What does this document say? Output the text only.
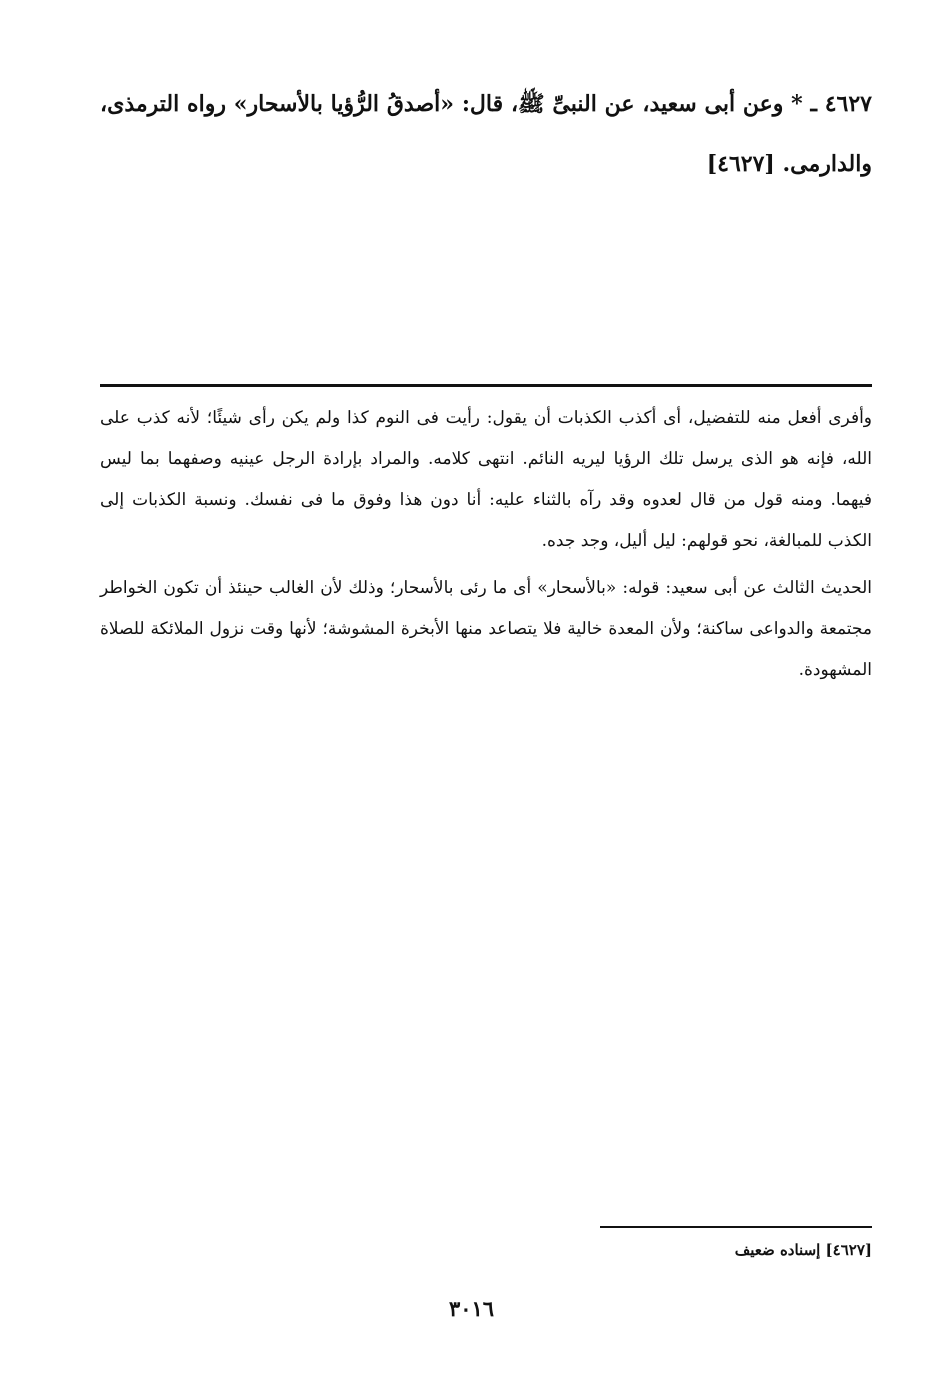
٤٦٢٧ ـ * وعن أبى سعيد، عن النبىِّ ﷺ، قال: «أصدقُ الرُّؤيا بالأسحار» رواه الترمذى، والدارمى. [٤٦٢٧]

وأفرى أفعل منه للتفضيل، أى أكذب الكذبات أن يقول: رأيت فى النوم كذا ولم يكن رأى شيئًا؛ لأنه كذب على الله، فإنه هو الذى يرسل تلك الرؤيا ليريه النائم. انتهى كلامه. والمراد بإرادة الرجل عينيه وصفهما بما ليس فيهما. ومنه قول من قال لعدوه وقد رآه بالثناء عليه: أنا دون هذا وفوق ما فى نفسك. ونسبة الكذبات إلى الكذب للمبالغة، نحو قولهم: ليل أليل، وجد جده.

الحديث الثالث عن أبى سعيد: قوله: «بالأسحار» أى ما رئى بالأسحار؛ وذلك لأن الغالب حينئذ أن تكون الخواطر مجتمعة والدواعى ساكنة؛ ولأن المعدة خالية فلا يتصاعد منها الأبخرة المشوشة؛ لأنها وقت نزول الملائكة للصلاة المشهودة.

[٤٦٢٧] إسناده ضعيف
٣٠١٦
